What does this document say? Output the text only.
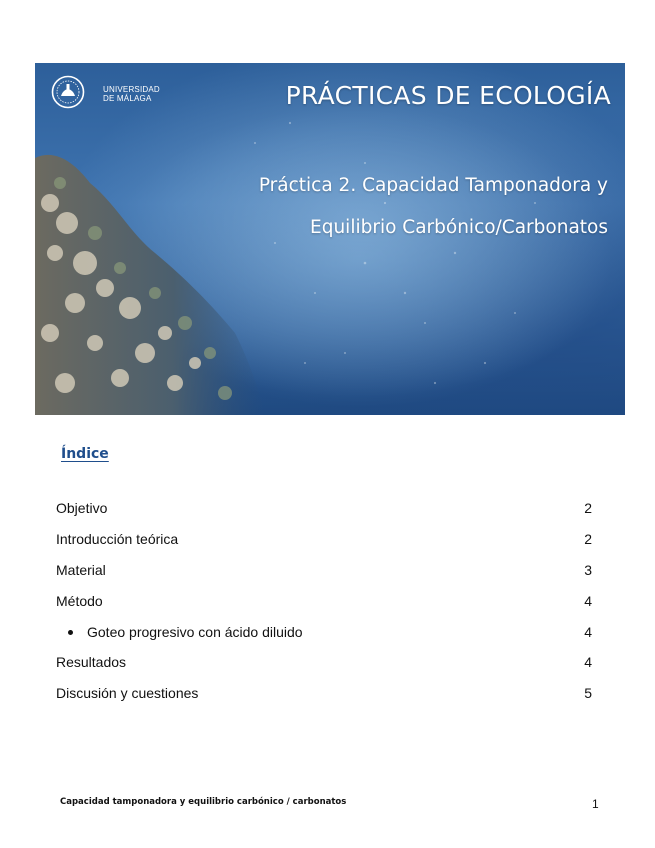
UNIVERSIDAD
DE MÁLAGA	PRÁCTICAS DE ECOLOGÍA
Práctica 2. Capacidad Tamponadora y
Equilibrio Carbónico/Carbonatos
Índice
Objetivo	2
Introducción teórica	2
Material	3
Método	4
Goteo progresivo con ácido diluido	4
Resultados	4
Discusión y cuestiones	5
Capacidad tamponadora y equilibrio carbónico / carbonatos	1
